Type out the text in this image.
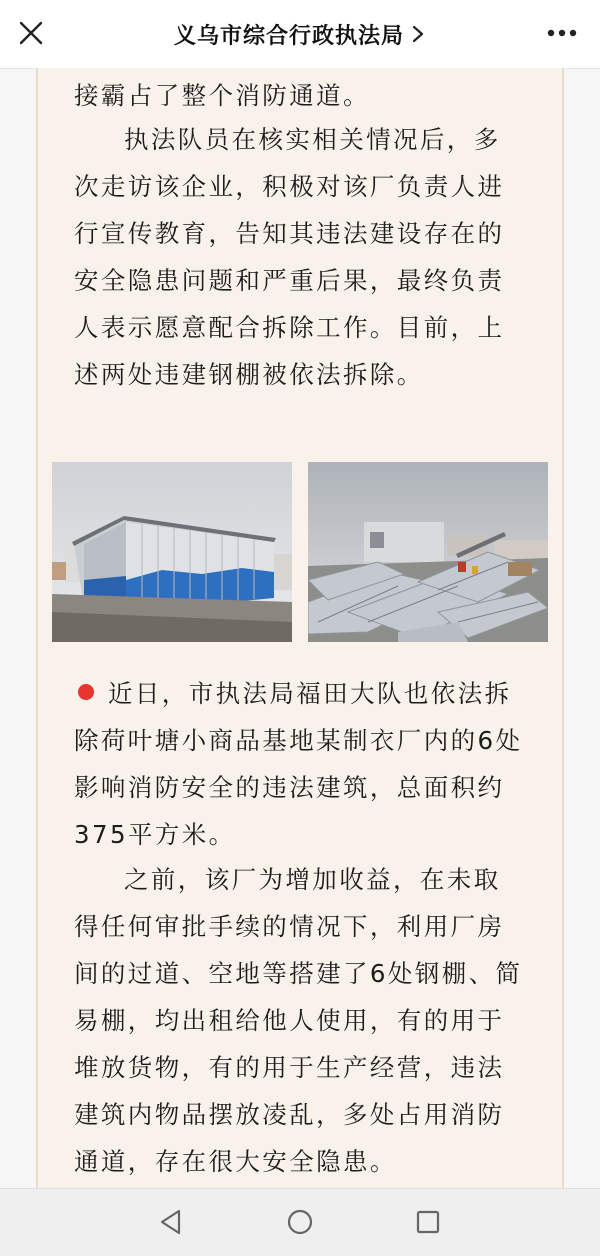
义乌市综合行政执法局
接霸占了整个消防通道。
执法队员在核实相关情况后，多
次走访该企业，积极对该厂负责人进
行宣传教育，告知其违法建设存在的
安全隐患问题和严重后果，最终负责
人表示愿意配合拆除工作。目前，上
述两处违建钢棚被依法拆除。
近日，市执法局福田大队也依法拆
除荷叶塘小商品基地某制衣厂内的6处
影响消防安全的违法建筑，总面积约
375平方米。
之前，该厂为增加收益，在未取
得任何审批手续的情况下，利用厂房
间的过道、空地等搭建了6处钢棚、简
易棚，均出租给他人使用，有的用于
堆放货物，有的用于生产经营，违法
建筑内物品摆放凌乱，多处占用消防
通道，存在很大安全隐患。
